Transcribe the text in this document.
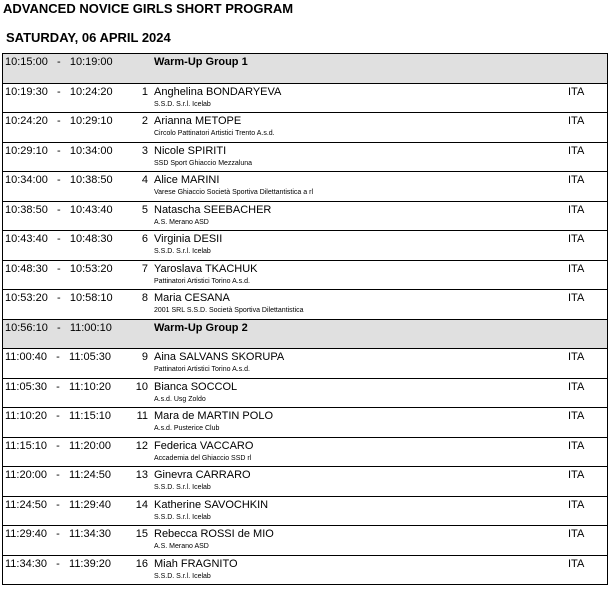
ADVANCED NOVICE GIRLS SHORT PROGRAM
SATURDAY, 06 APRIL 2024
10:15:00   -   10:19:00	Warm-Up Group 1
10:19:30   -   10:24:20	1 Anghelina BONDARYEVA
S.S.D. S.r.l. Icelab
ITA
10:24:20   -   10:29:10	2 Arianna METOPE
Circolo Pattinatori Artistici Trento A.s.d.
ITA
10:29:10   -   10:34:00	3 Nicole SPIRITI
SSD Sport Ghiaccio Mezzaluna
ITA
10:34:00   -   10:38:50	4 Alice MARINI
Varese Ghiaccio Società Sportiva Dilettantistica a rl
ITA
10:38:50   -   10:43:40	5 Natascha SEEBACHER
A.S. Merano ASD
ITA
10:43:40   -   10:48:30	6 Virginia DESII
S.S.D. S.r.l. Icelab
ITA
10:48:30   -   10:53:20	7 Yaroslava TKACHUK
Pattinatori Artistici Torino A.s.d.
ITA
10:53:20   -   10:58:10	8 Maria CESANA
2001 SRL S.S.D. Società Sportiva Dilettantistica
ITA
10:56:10   -   11:00:10	Warm-Up Group 2
11:00:40   -   11:05:30	9 Aina SALVANS SKORUPA
Pattinatori Artistici Torino A.s.d.
ITA
11:05:30   -   11:10:20	10 Bianca SOCCOL
A.s.d. Usg Zoldo
ITA
11:10:20   -   11:15:10	11 Mara de MARTIN POLO
A.s.d. Pusterice Club
ITA
11:15:10   -   11:20:00	12 Federica VACCARO
Accademia del Ghiaccio SSD rl
ITA
11:20:00   -   11:24:50	13 Ginevra CARRARO
S.S.D. S.r.l. Icelab
ITA
11:24:50   -   11:29:40	14 Katherine SAVOCHKIN
S.S.D. S.r.l. Icelab
ITA
11:29:40   -   11:34:30	15 Rebecca ROSSI de MIO
A.S. Merano ASD
ITA
11:34:30   -   11:39:20	16 Miah FRAGNITO
S.S.D. S.r.l. Icelab
ITA
